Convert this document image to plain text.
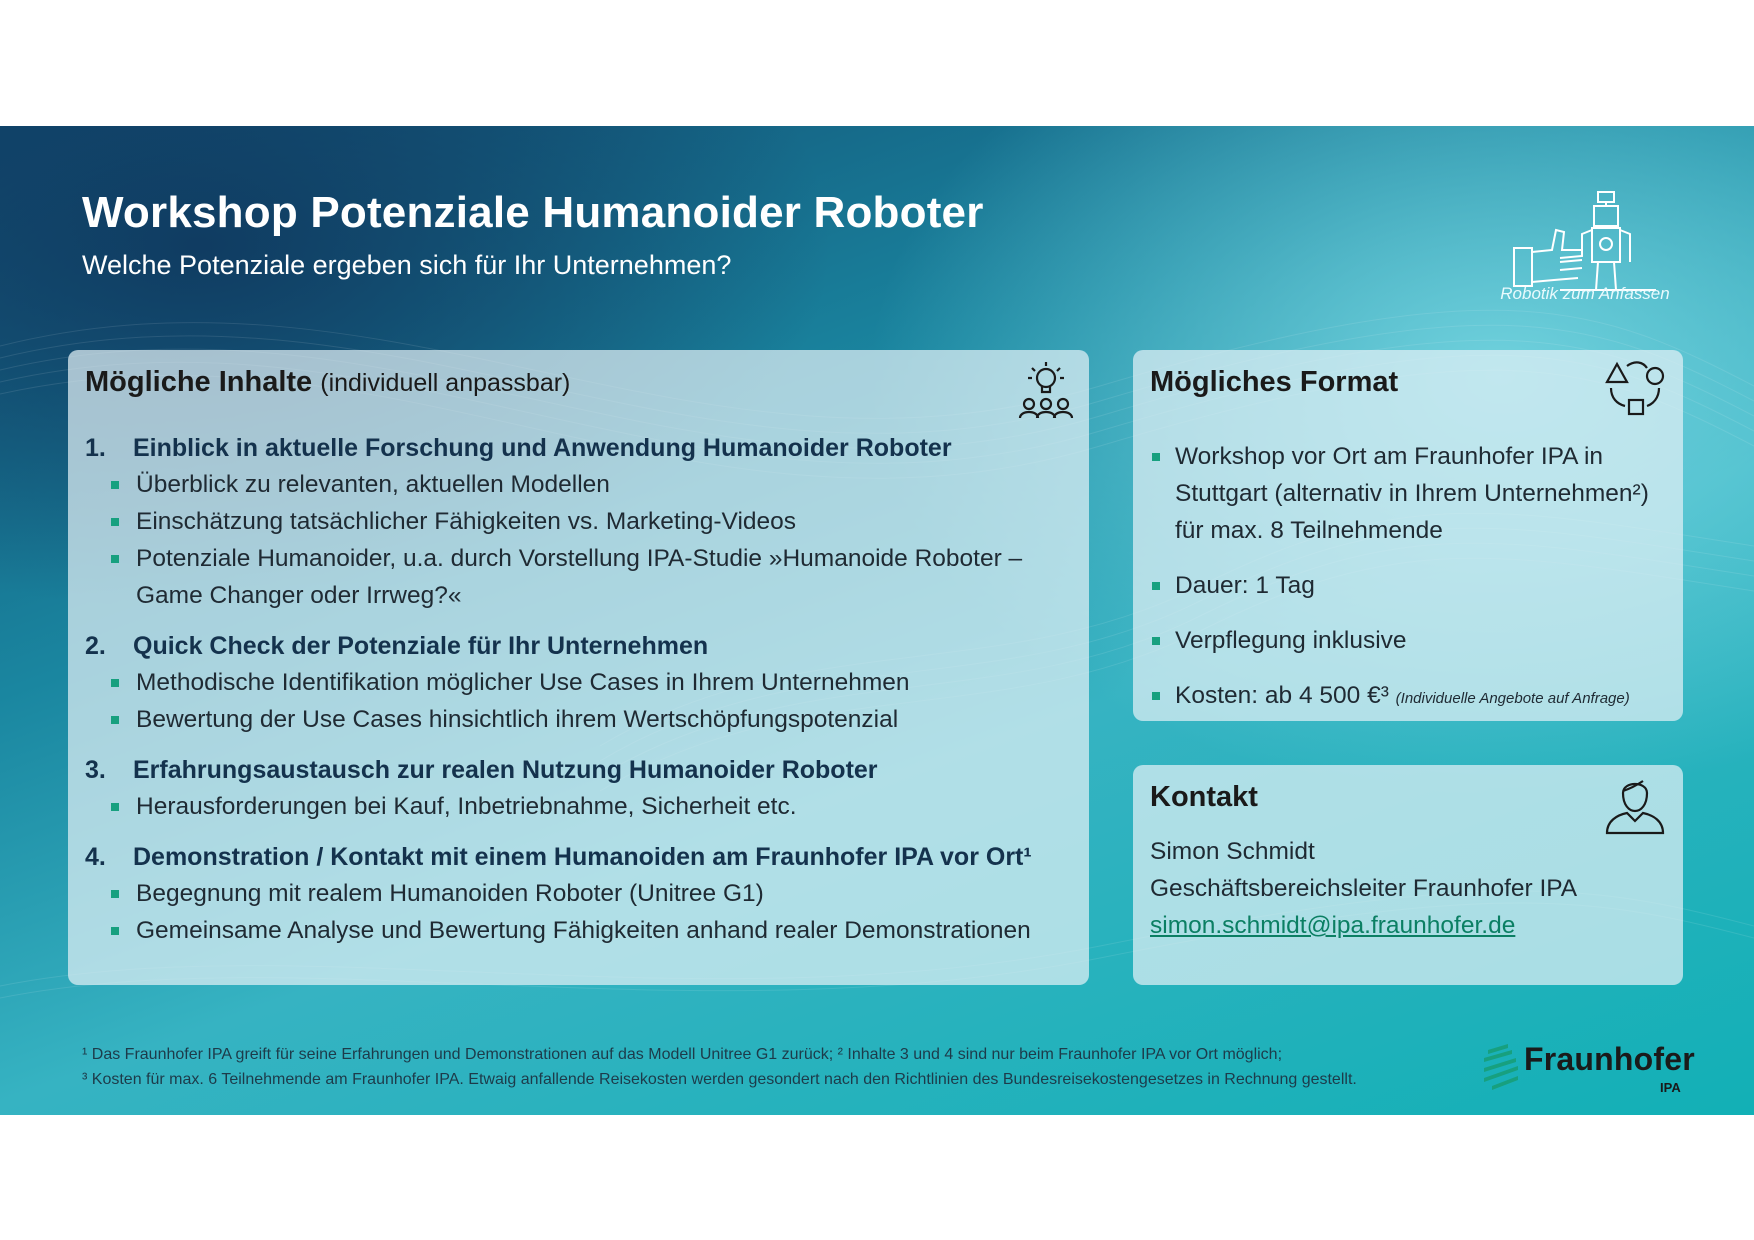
Workshop Potenziale Humanoider Roboter
Welche Potenziale ergeben sich für Ihr Unternehmen?
Robotik zum Anfassen
Mögliche Inhalte (individuell anpassbar)
1.	Einblick in aktuelle Forschung und Anwendung Humanoider Roboter
Überblick zu relevanten, aktuellen Modellen
Einschätzung tatsächlicher Fähigkeiten vs. Marketing-Videos
Potenziale Humanoider, u.a. durch Vorstellung IPA-Studie »Humanoide Roboter – Game Changer oder Irrweg?«
2.	Quick Check der Potenziale für Ihr Unternehmen
Methodische Identifikation möglicher Use Cases in Ihrem Unternehmen
Bewertung der Use Cases hinsichtlich ihrem Wertschöpfungspotenzial
3.	Erfahrungsaustausch zur realen Nutzung Humanoider Roboter
Herausforderungen bei Kauf, Inbetriebnahme, Sicherheit etc.
4.	Demonstration / Kontakt mit einem Humanoiden am Fraunhofer IPA vor Ort¹
Begegnung mit realem Humanoiden Roboter (Unitree G1)
Gemeinsame Analyse und Bewertung Fähigkeiten anhand realer Demonstrationen
Mögliches Format
Workshop vor Ort am Fraunhofer IPA in Stuttgart (alternativ in Ihrem Unternehmen²) für max. 8 Teilnehmende
Dauer: 1 Tag
Verpflegung inklusive
Kosten: ab 4 500 €³ (Individuelle Angebote auf Anfrage)
Kontakt
Simon Schmidt
Geschäftsbereichsleiter Fraunhofer IPA
simon.schmidt@ipa.fraunhofer.de
¹ Das Fraunhofer IPA greift für seine Erfahrungen und Demonstrationen auf das Modell Unitree G1 zurück; ² Inhalte 3 und 4 sind nur beim Fraunhofer IPA vor Ort möglich;
³ Kosten für max. 6 Teilnehmende am Fraunhofer IPA. Etwaig anfallende Reisekosten werden gesondert nach den Richtlinien des Bundesreisekostengesetzes in Rechnung gestellt.
Fraunhofer
IPA
